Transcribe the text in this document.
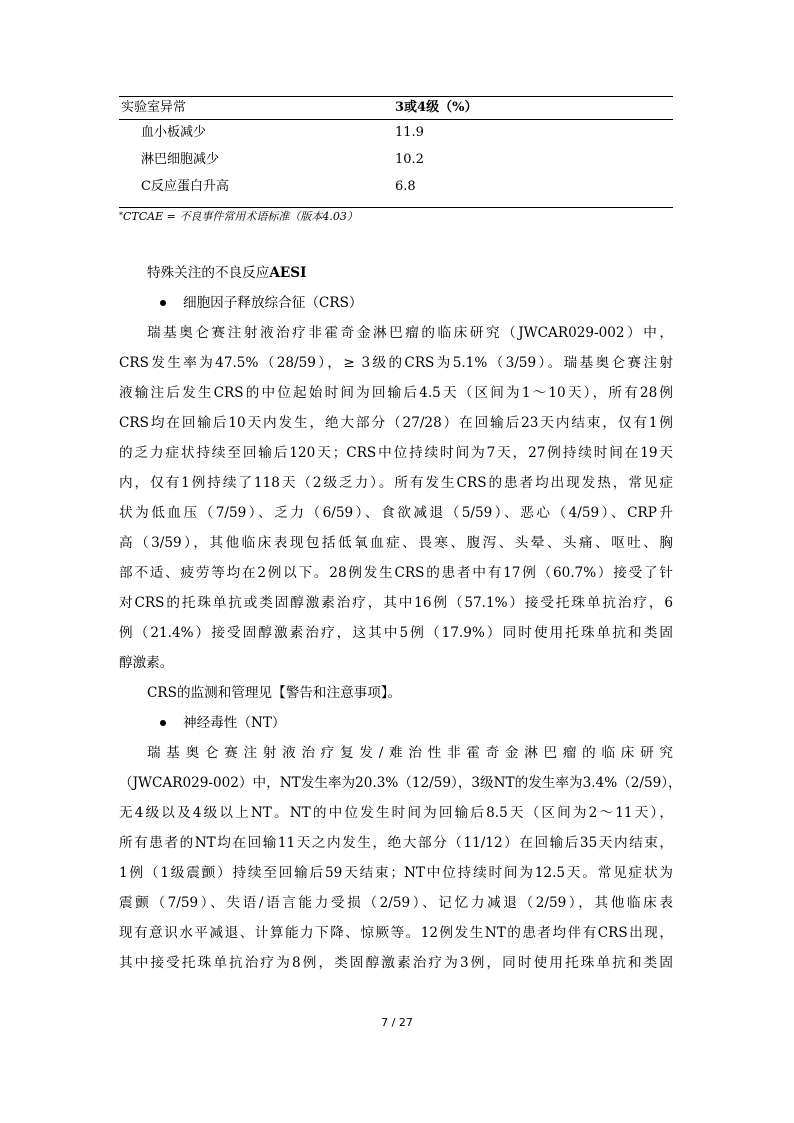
实验室异常	3或4级（%）
血小板减少	11.9
淋巴细胞减少	10.2
C反应蛋白升高	6.8
*CTCAE = 不良事件常用术语标准（版本4.03）
特殊关注的不良反应AESI
细胞因子释放综合征（CRS）
瑞基奥仑赛注射液治疗非霍奇金淋巴瘤的临床研究（JWCAR029-002）中，
CRS发生率为47.5%（28/59），≥ 3级的CRS为5.1%（3/59）。瑞基奥仑赛注射
液输注后发生CRS的中位起始时间为回输后4.5天（区间为1～10天），所有28例
CRS均在回输后10天内发生，绝大部分（27/28）在回输后23天内结束，仅有1例
的乏力症状持续至回输后120天；CRS中位持续时间为7天，27例持续时间在19天
内，仅有1例持续了118天（2级乏力）。所有发生CRS的患者均出现发热，常见症
状为低血压（7/59）、乏力（6/59）、食欲减退（5/59）、恶心（4/59）、CRP升
高（3/59），其他临床表现包括低氧血症、畏寒、腹泻、头晕、头痛、呕吐、胸
部不适、疲劳等均在2例以下。28例发生CRS的患者中有17例（60.7%）接受了针
对CRS的托珠单抗或类固醇激素治疗，其中16例（57.1%）接受托珠单抗治疗，6
例（21.4%）接受固醇激素治疗，这其中5例（17.9%）同时使用托珠单抗和类固
醇激素。
CRS的监测和管理见【警告和注意事项】。
神经毒性（NT）
瑞基奥仑赛注射液治疗复发/难治性非霍奇金淋巴瘤的临床研究
（JWCAR029-002）中，NT发生率为20.3%（12/59），3级NT的发生率为3.4%（2/59），
无4级以及4级以上NT。NT的中位发生时间为回输后8.5天（区间为2～11天），
所有患者的NT均在回输11天之内发生，绝大部分（11/12）在回输后35天内结束，
1例（1级震颤）持续至回输后59天结束；NT中位持续时间为12.5天。常见症状为
震颤（7/59）、失语/语言能力受损（2/59）、记忆力减退（2/59），其他临床表
现有意识水平减退、计算能力下降、惊厥等。12例发生NT的患者均伴有CRS出现，
其中接受托珠单抗治疗为8例，类固醇激素治疗为3例，同时使用托珠单抗和类固
7 / 27
